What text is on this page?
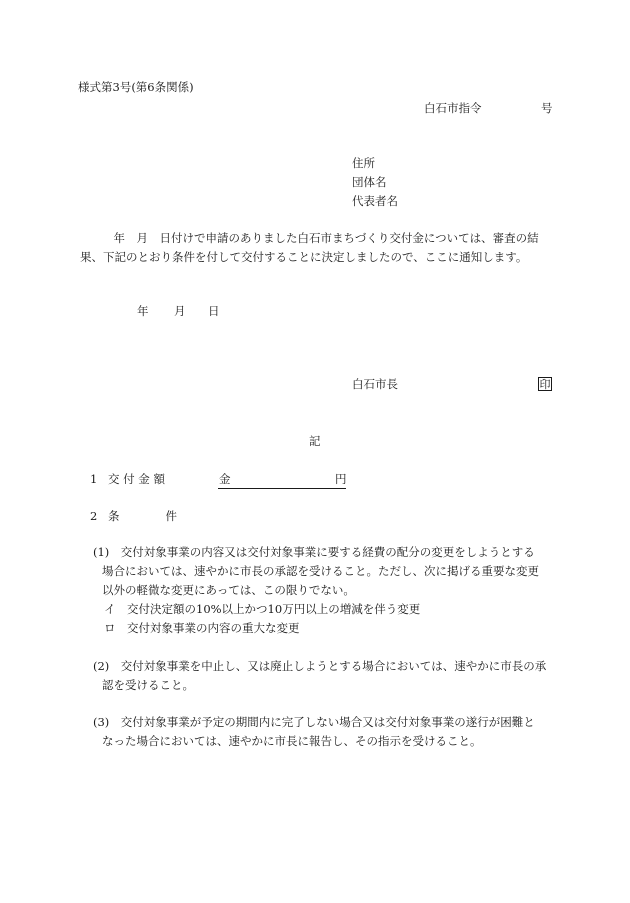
様式第3号(第6条関係)
白石市指令	号
住所
団体名
代表者名
　年　月　日付けで申請のありました白石市まちづくり交付金については、審査の結
果、下記のとおり条件を付して交付することに決定しましたので、ここに通知します。
年 月 日
白石市長	印
記
1 交 付 金 額	金	円
2 条　　　　件
(1)　交付対象事業の内容又は交付対象事業に要する経費の配分の変更をしようとする
場合においては、速やかに市長の承認を受けること。ただし、次に掲げる重要な変更
以外の軽微な変更にあっては、この限りでない。
イ　交付決定額の10%以上かつ10万円以上の増減を伴う変更
ロ　交付対象事業の内容の重大な変更
(2)　交付対象事業を中止し、又は廃止しようとする場合においては、速やかに市長の承
認を受けること。
(3)　交付対象事業が予定の期間内に完了しない場合又は交付対象事業の遂行が困難と
なった場合においては、速やかに市長に報告し、その指示を受けること。
